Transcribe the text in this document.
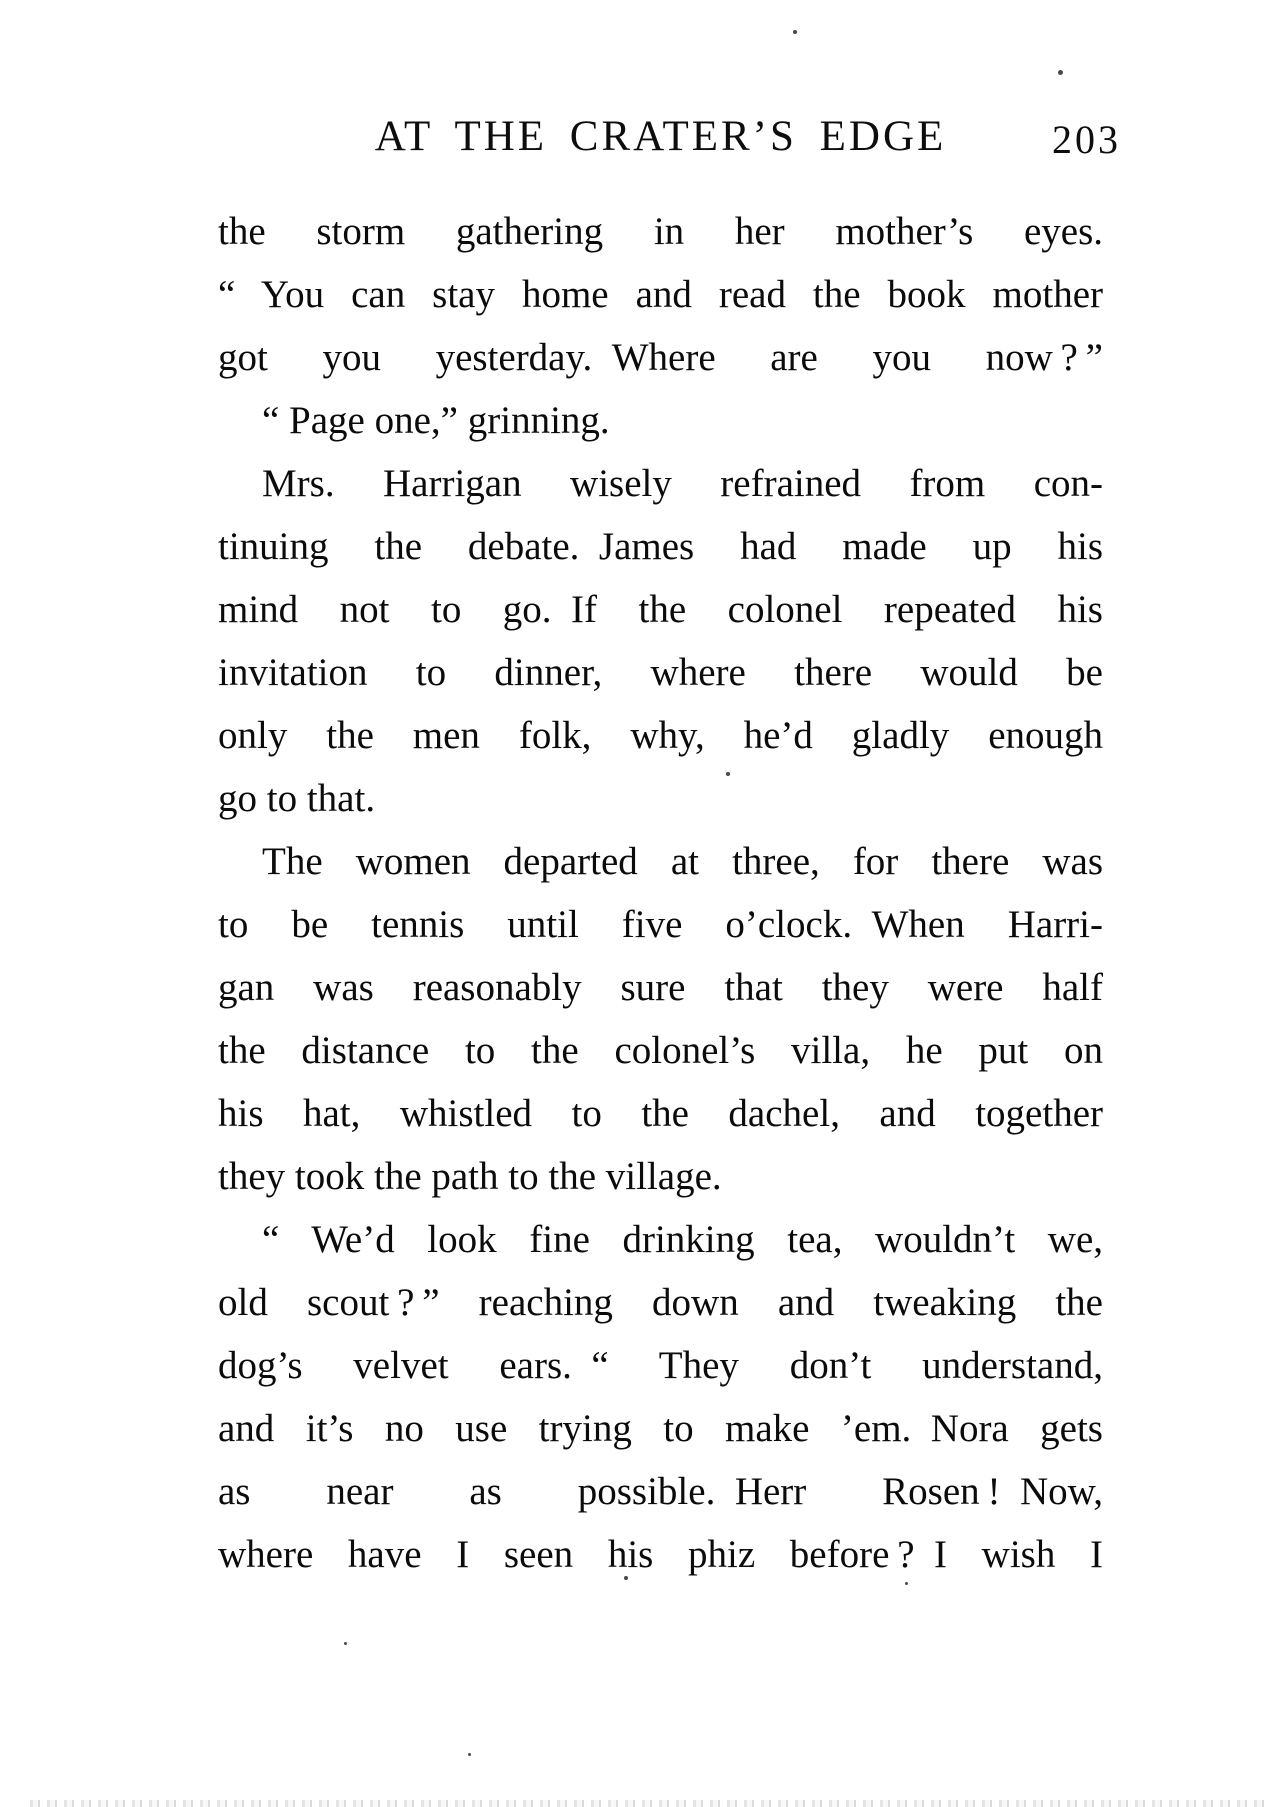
AT THE CRATER’S EDGE	203
the storm gathering in her mother’s eyes.
“ You can stay home and read the book mother
got you yesterday. Where are you now ? ”
“ Page one,” grinning.
Mrs. Harrigan wisely refrained from con-
tinuing the debate. James had made up his
mind not to go. If the colonel repeated his
invitation to dinner, where there would be
only the men folk, why, he’d gladly enough
go to that.
The women departed at three, for there was
to be tennis until five o’clock. When Harri-
gan was reasonably sure that they were half
the distance to the colonel’s villa, he put on
his hat, whistled to the dachel, and together
they took the path to the village.
“ We’d look fine drinking tea, wouldn’t we,
old scout ? ” reaching down and tweaking the
dog’s velvet ears. “ They don’t understand,
and it’s no use trying to make ’em. Nora gets
as near as possible. Herr Rosen ! Now,
where have I seen his phiz before ? I wish I
